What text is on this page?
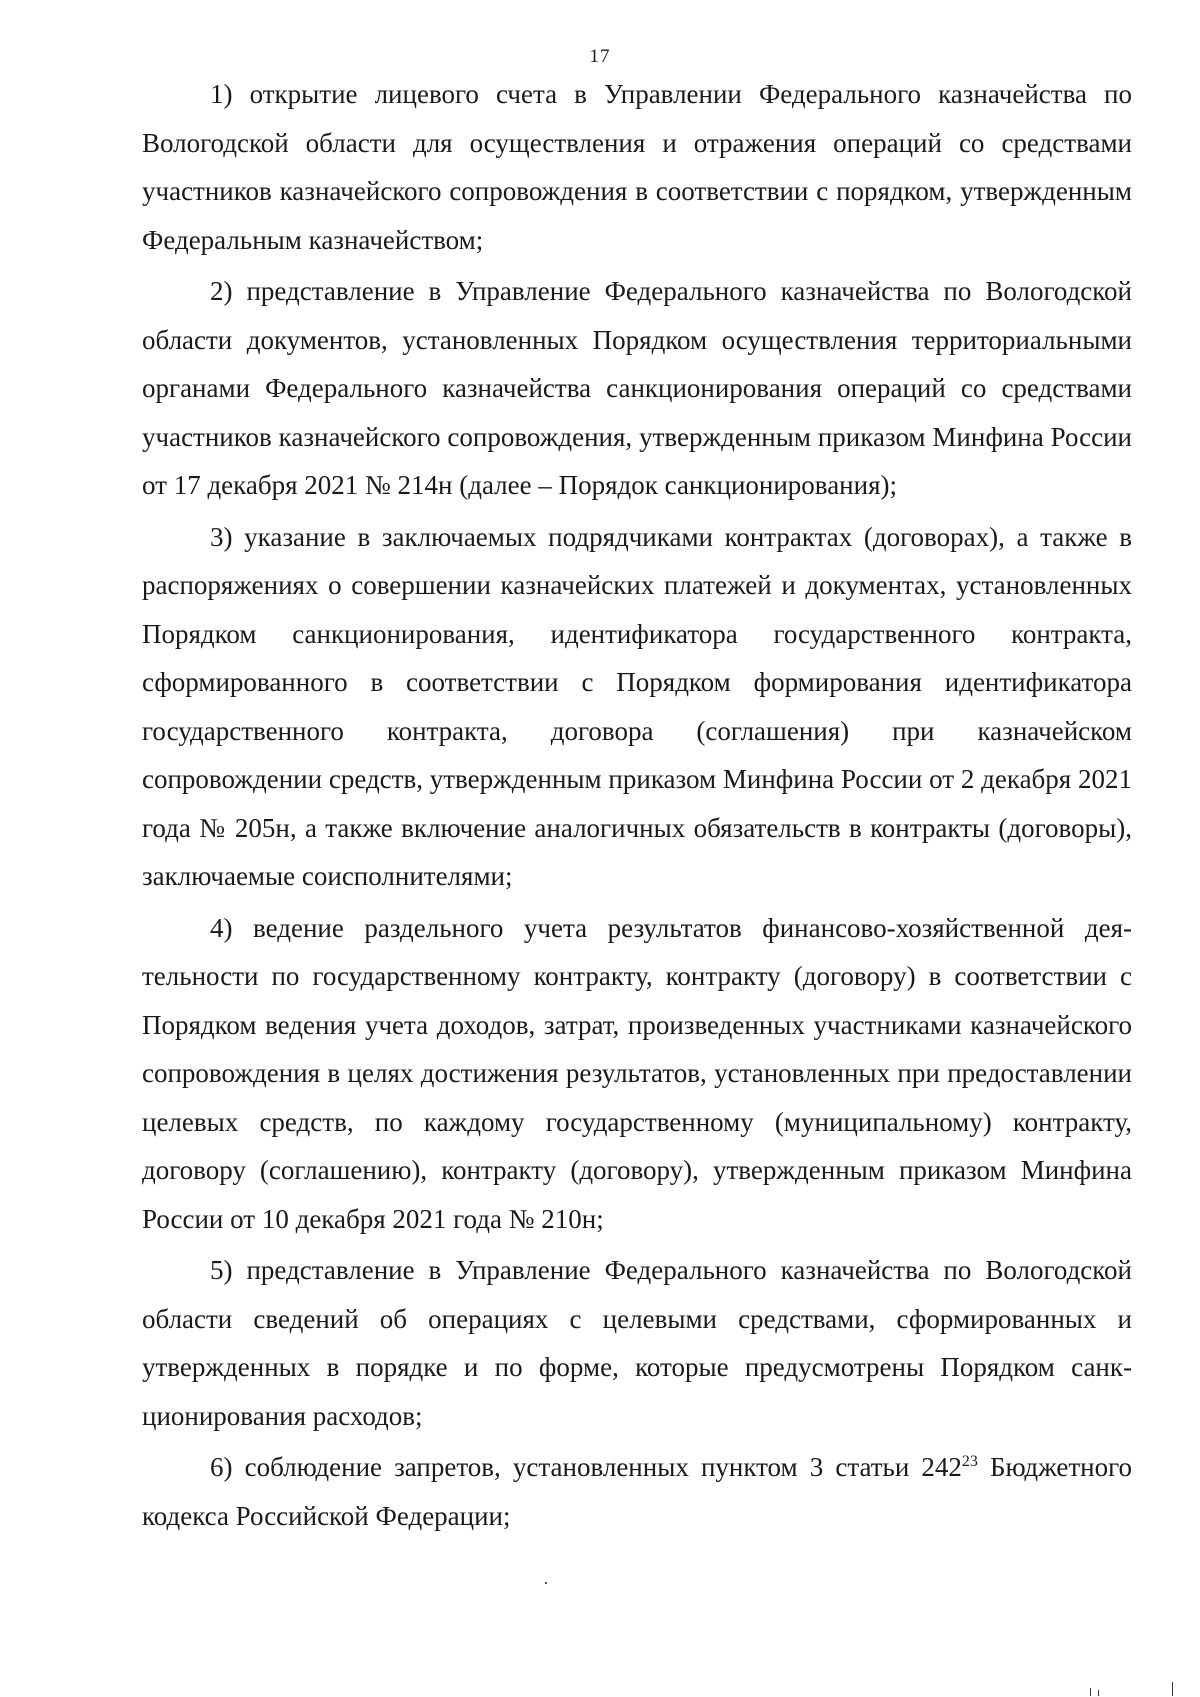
17

1) открытие лицевого счета в Управлении Федерального казначейства по Вологодской области для осуществления и отражения операций со средствами участников казначейского сопровождения в соответствии с порядком, утвержденным Федеральным казначейством;

2) представление в Управление Федерального казначейства по Вологодской области документов, установленных Порядком осуществления территориальными органами Федерального казначейства санкционирования операций со средствами участников казначейского сопровождения, утвержденным приказом Минфина России от 17 декабря 2021 № 214н (далее – Порядок санкционирования);

3) указание в заключаемых подрядчиками контрактах (договорах), а также в распоряжениях о совершении казначейских платежей и документах, установленных Порядком санкционирования, идентификатора государственного контракта, сформированного в соответствии с Порядком формирования идентификатора государственного контракта, договора (соглашения) при казначейском сопровождении средств, утвержденным приказом Минфина России от 2 декабря 2021 года № 205н, а также включение аналогичных обязательств в контракты (договоры), заключаемые соисполнителями;

4) ведение раздельного учета результатов финансово-хозяйственной деятельности по государственному контракту, контракту (договору) в соответствии с Порядком ведения учета доходов, затрат, произведенных участниками казначейского сопровождения в целях достижения результатов, установленных при предоставлении целевых средств, по каждому государственному (муниципальному) контракту, договору (соглашению), контракту (договору), утвержденным приказом Минфина России от 10 декабря 2021 года № 210н;

5) представление в Управление Федерального казначейства по Вологодской области сведений об операциях с целевыми средствами, сформированных и утвержденных в порядке и по форме, которые предусмотрены Порядком санкционирования расходов;

6) соблюдение запретов, установленных пунктом 3 статьи $242^{23}$ Бюджетного кодекса Российской Федерации;
